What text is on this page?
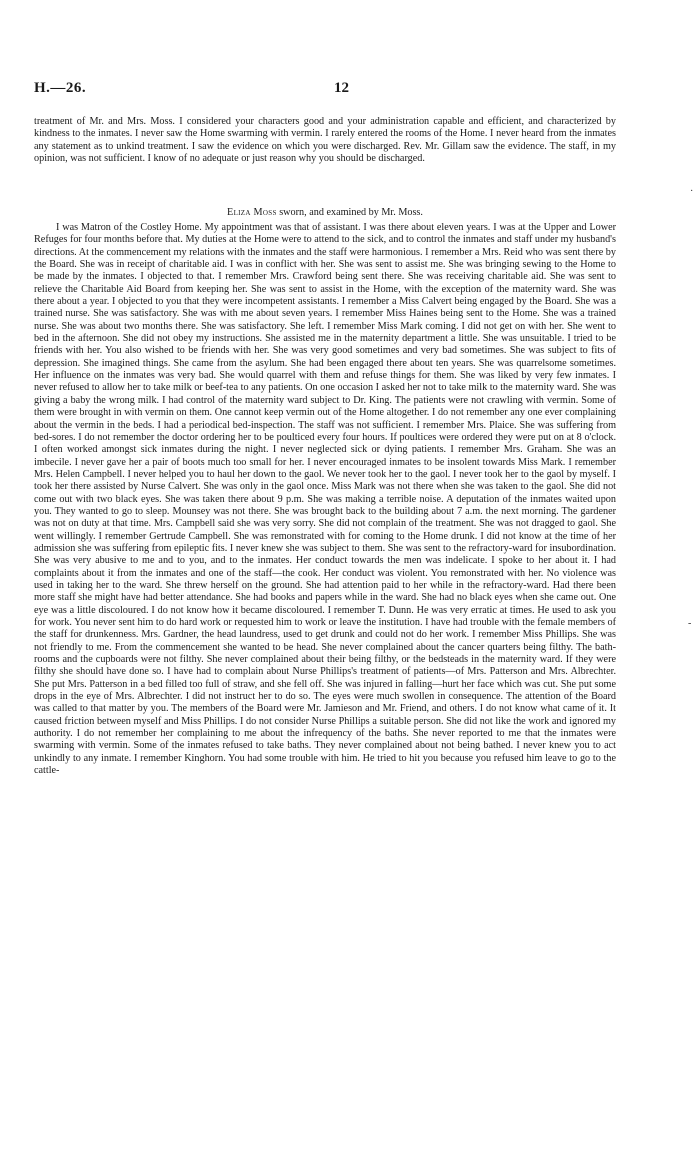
H.—26.	12

treatment of Mr. and Mrs. Moss. I considered your characters good and your administration capable and efficient, and characterized by kindness to the inmates. I never saw the Home swarming with vermin. I rarely entered the rooms of the Home. I never heard from the inmates any statement as to unkind treatment. I saw the evidence on which you were discharged. Rev. Mr. Gillam saw the evidence. The staff, in my opinion, was not sufficient. I know of no adequate or just reason why you should be discharged.

Eliza Moss sworn, and examined by Mr. Moss.

I was Matron of the Costley Home. My appointment was that of assistant. I was there about eleven years. I was at the Upper and Lower Refuges for four months before that. My duties at the Home were to attend to the sick, and to control the inmates and staff under my husband's directions. At the commencement my relations with the inmates and the staff were harmonious. I remember a Mrs. Reid who was sent there by the Board. She was in receipt of charitable aid. I was in conflict with her. She was sent to assist me. She was bringing sewing to the Home to be made by the inmates. I objected to that. I remember Mrs. Crawford being sent there. She was receiving charitable aid. She was sent to relieve the Charitable Aid Board from keeping her. She was sent to assist in the Home, with the exception of the maternity ward. She was there about a year. I objected to you that they were incompetent assistants. I remember a Miss Calvert being engaged by the Board. She was a trained nurse. She was satisfactory. She was with me about seven years. I remember Miss Haines being sent to the Home. She was a trained nurse. She was about two months there. She was satisfactory. She left. I remember Miss Mark coming. I did not get on with her. She went to bed in the afternoon. She did not obey my instructions. She assisted me in the maternity department a little. She was unsuitable. I tried to be friends with her. You also wished to be friends with her. She was very good sometimes and very bad sometimes. She was subject to fits of depression. She imagined things. She came from the asylum. She had been engaged there about ten years. She was quarrelsome sometimes. Her influence on the inmates was very bad. She would quarrel with them and refuse things for them. She was liked by very few inmates. I never refused to allow her to take milk or beef-tea to any patients. On one occasion I asked her not to take milk to the maternity ward. She was giving a baby the wrong milk. I had control of the maternity ward subject to Dr. King. The patients were not crawling with vermin. Some of them were brought in with vermin on them. One cannot keep vermin out of the Home altogether. I do not remember any one ever complaining about the vermin in the beds. I had a periodical bed-inspection. The staff was not sufficient. I remember Mrs. Plaice. She was suffering from bed-sores. I do not remember the doctor ordering her to be poulticed every four hours. If poultices were ordered they were put on at 8 o'clock. I often worked amongst sick inmates during the night. I never neglected sick or dying patients. I remember Mrs. Graham. She was an imbecile. I never gave her a pair of boots much too small for her. I never encouraged inmates to be insolent towards Miss Mark. I remember Mrs. Helen Campbell. I never helped you to haul her down to the gaol. We never took her to the gaol. I never took her to the gaol by myself. I took her there assisted by Nurse Calvert. She was only in the gaol once. Miss Mark was not there when she was taken to the gaol. She did not come out with two black eyes. She was taken there about 9 p.m. She was making a terrible noise. A deputation of the inmates waited upon you. They wanted to go to sleep. Mounsey was not there. She was brought back to the building about 7 a.m. the next morning. The gardener was not on duty at that time. Mrs. Campbell said she was very sorry. She did not complain of the treatment. She was not dragged to gaol. She went willingly. I remember Gertrude Campbell. She was remonstrated with for coming to the Home drunk. I did not know at the time of her admission she was suffering from epileptic fits. I never knew she was subject to them. She was sent to the refractory-ward for insubordination. She was very abusive to me and to you, and to the inmates. Her conduct towards the men was indelicate. I spoke to her about it. I had complaints about it from the inmates and one of the staff—the cook. Her conduct was violent. You remonstrated with her. No violence was used in taking her to the ward. She threw herself on the ground. She had attention paid to her while in the refractory-ward. Had there been more staff she might have had better attendance. She had books and papers while in the ward. She had no black eyes when she came out. One eye was a little discoloured. I do not know how it became discoloured. I remember T. Dunn. He was very erratic at times. He used to ask you for work. You never sent him to do hard work or requested him to work or leave the institution. I have had trouble with the female members of the staff for drunkenness. Mrs. Gardner, the head laundress, used to get drunk and could not do her work. I remember Miss Phillips. She was not friendly to me. From the commencement she wanted to be head. She never complained about the cancer quarters being filthy. The bath-rooms and the cupboards were not filthy. She never complained about their being filthy, or the bedsteads in the maternity ward. If they were filthy she should have done so. I have had to complain about Nurse Phillips's treatment of patients—of Mrs. Patterson and Mrs. Albrechter. She put Mrs. Patterson in a bed filled too full of straw, and she fell off. She was injured in falling—hurt her face which was cut. She put some drops in the eye of Mrs. Albrechter. I did not instruct her to do so. The eyes were much swollen in consequence. The attention of the Board was called to that matter by you. The members of the Board were Mr. Jamieson and Mr. Friend, and others. I do not know what came of it. It caused friction between myself and Miss Phillips. I do not consider Nurse Phillips a suitable person. She did not like the work and ignored my authority. I do not remember her complaining to me about the infrequency of the baths. She never reported to me that the inmates were swarming with vermin. Some of the inmates refused to take baths. They never complained about not being bathed. I never knew you to act unkindly to any inmate. I remember Kinghorn. You had some trouble with him. He tried to hit you because you refused him leave to go to the cattle-

·
‐
